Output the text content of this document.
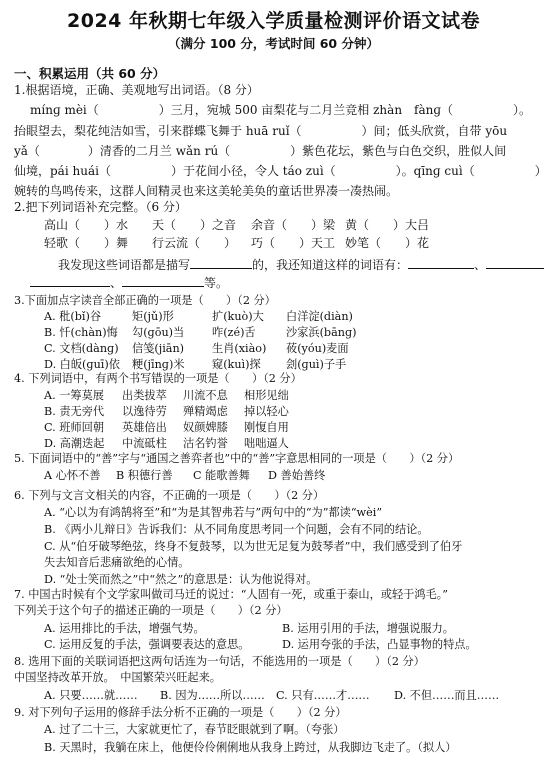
2024 年秋期七年级入学质量检测评价语文试卷
（满分 100 分，考试时间 60 分钟）
一、积累运用（共 60 分）
1.根据语境，正确、美观地写出词语。（8 分）
mínɡ mèi（　　　　　）三月，宛城 500 亩梨花与二月兰竞相 zhàn　fànɡ（　　　　　）。
抬眼望去，梨花纯洁如雪，引来群蝶飞舞于 huā ruǐ（　　　　　）间；低头欣赏，自带 yōu
yǎ（　　　　）清香的二月兰 wǎn rú（　　　　　）紫色花坛，紫色与白色交织，胜似人间
仙境，pái huái（　　　　　）于花间小径，令人 táo zuì（　　　　　）。qīnɡ cuì（　　　　　）
婉转的鸟鸣传来，这群人间精灵也来这美轮美奂的童话世界凑一凑热闹。
2.把下列词语补充完整。（6 分）
高山（　　）水 天（　　）之音 余音（　　）梁 黄（　　）大吕
轻歌（　　）舞 行云流（　　） 巧（　　）天工 妙笔（　　）花
我发现这些词语都是描写	的，我还知道这样的词语有：	、
、	等。
3.下面加点字读音全部正确的一项是（　　）（2 分）
A. 秕(bǐ)谷	矩(jǔ)形	扩(kuò)大 白洋淀(diàn)
B. 忏(chàn)悔 勾(ɡōu)当 咋(zé)舌	沙家浜(bānɡ)
C. 文档(dànɡ) 信笺(jiān) 生肖(xiào) 莜(yóu)麦面
D. 白皈(ɡuī)依 粳(jīnɡ)米 窥(kuì)探 刽(ɡuì)子手
4. 下列词语中，有两个书写错误的一项是（　　）（2 分）
A. 一筹莫展 出类拔萃 川流不息 相形见绌
B. 责无旁代 以逸待劳 殚精竭虑 掉以轻心
C. 班师回朝 英雄倍出 奴颜婢膝 刚愎自用
D. 高潮迭起 中流砥柱 沽名钓誉 咄咄逼人
5. 下面词语中的“善”字与“通国之善弈者也”中的“善”字意思相同的一项是（　　）（2 分）
A 心怀不善 B 积德行善 C 能歌善舞 D 善始善终
6. 下列与文言文相关的内容，不正确的一项是（　　）（2 分）
A. “心以为有鸿鹄将至”和“为是其智弗若与”两句中的“为”都读“wèi”
B. 《两小儿辩日》告诉我们：从不同角度思考同一个问题，会有不同的结论。
C. 从“伯牙破琴绝弦，终身不复鼓琴，以为世无足复为鼓琴者”中，我们感受到了伯牙
失去知音后悲痛欲绝的心情。
D. “处士笑而然之”中“然之”的意思是：认为他说得对。
7. 中国古时候有个文学家叫做司马迁的说过：“人固有一死，或重于泰山，或轻于鸿毛。”
下列关于这个句子的描述正确的一项是（　　）（2 分）
A. 运用排比的手法，增强气势。	B. 运用引用的手法，增强说服力。
C. 运用反复的手法，强调要表达的意思。	D. 运用夸张的手法，凸显事物的特点。
8. 选用下面的关联词语把这两句话连为一句话，不能选用的一项是（　　）（2 分）
中国坚持改革开放。　中国繁荣兴旺起来。
A. 只要……就…… B. 因为……所以…… C. 只有……才…… D. 不但……而且……
9. 对下列句子运用的修辞手法分析不正确的一项是（　　）（2 分）
A. 过了二十三，大家就更忙了，春节眨眼就到了啊。（夸张）
B. 天黑时，我躺在床上，他便伶伶俐俐地从我身上跨过，从我脚边飞走了。（拟人）
